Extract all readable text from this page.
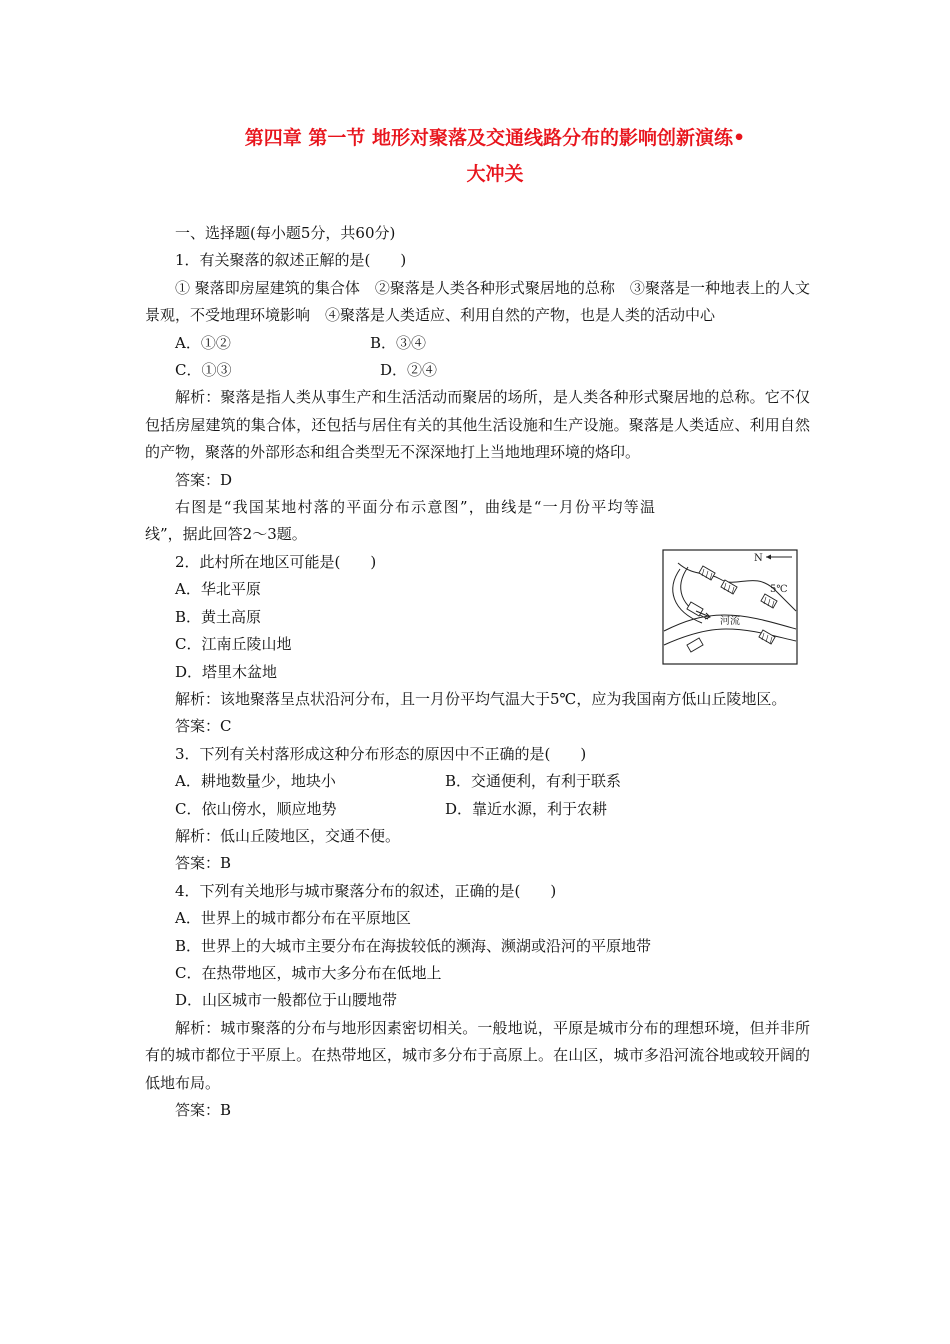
第四章 第一节 地形对聚落及交通线路分布的影响创新演练•
大冲关

一、选择题(每小题5分，共60分)

1．有关聚落的叙述正解的是(　　)

① 聚落即房屋建筑的集合体　②聚落是人类各种形式聚居地的总称　③聚落是一种地表上的人文景观，不受地理环境影响　④聚落是人类适应、利用自然的产物，也是人类的活动中心

A．①②	B．③④
C．①③	D．②④

解析：聚落是指人类从事生产和生活活动而聚居的场所，是人类各种形式聚居地的总称。它不仅包括房屋建筑的集合体，还包括与居住有关的其他生活设施和生产设施。聚落是人类适应、利用自然的产物，聚落的外部形态和组合类型无不深深地打上当地地理环境的烙印。

答案：D

右图是“我国某地村落的平面分布示意图”，曲线是“一月份平均等温线”，据此回答2～3题。

2．此村所在地区可能是(　　)

A．华北平原

B．黄土高原

C．江南丘陵山地

D．塔里木盆地

解析：该地聚落呈点状沿河分布，且一月份平均气温大于5℃，应为我国南方低山丘陵地区。

答案：C

3．下列有关村落形成这种分布形态的原因中不正确的是(　　)

A．耕地数量少，地块小	B．交通便利，有利于联系
C．依山傍水，顺应地势	D．靠近水源，利于农耕

解析：低山丘陵地区，交通不便。

答案：B

4．下列有关地形与城市聚落分布的叙述，正确的是(　　)

A．世界上的城市都分布在平原地区

B．世界上的大城市主要分布在海拔较低的濒海、濒湖或沿河的平原地带

C．在热带地区，城市大多分布在低地上

D．山区城市一般都位于山腰地带

解析：城市聚落的分布与地形因素密切相关。一般地说，平原是城市分布的理想环境，但并非所有的城市都位于平原上。在热带地区，城市多分布于高原上。在山区，城市多沿河流谷地或较开阔的低地布局。

答案：B

N
5℃
河流
